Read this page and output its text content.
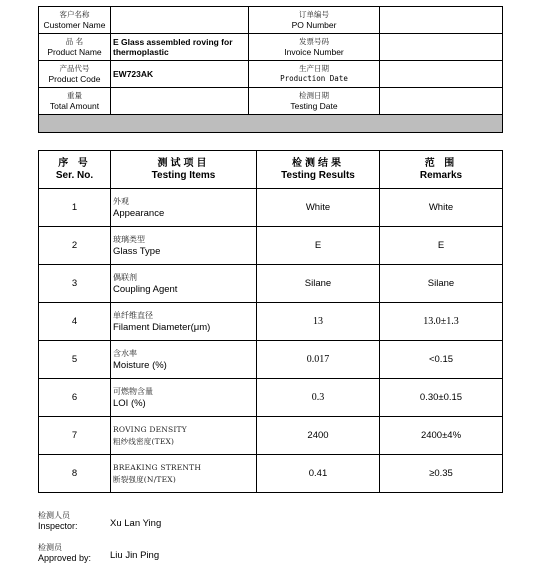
客户名称
Customer Name		订单编号
PO Number	

品 名
Product Name	E Glass assembled roving for thermoplastic	发票号码
Invoice Number	

产品代号
Product Code	EW723AK	生产日期
Production Date	

重量
Total Amount		检测日期
Testing Date	

序 号
Ser. No.	测试项目
Testing Items	检测结果
Testing Results	范 围
Remarks

1	外观
Appearance	White	White
2	玻璃类型
Glass Type	E	E
3	偶联剂
Coupling Agent	Silane	Silane
4	单纤维直径
Filament Diameter(μm)	13	13.0±1.3
5	含水率
Moisture (%)	0.017	<0.15
6	可燃物含量
LOI (%)	0.3	0.30±0.15
7	ROVING DENSITY
粗纱线密度(TEX)	2400	2400±4%
8	BREAKING STRENTH
断裂强度(N/TEX)	0.41	≥0.35
检测人员
Inspector:	Xu Lan Ying
检测员
Approved by:	Liu Jin Ping
